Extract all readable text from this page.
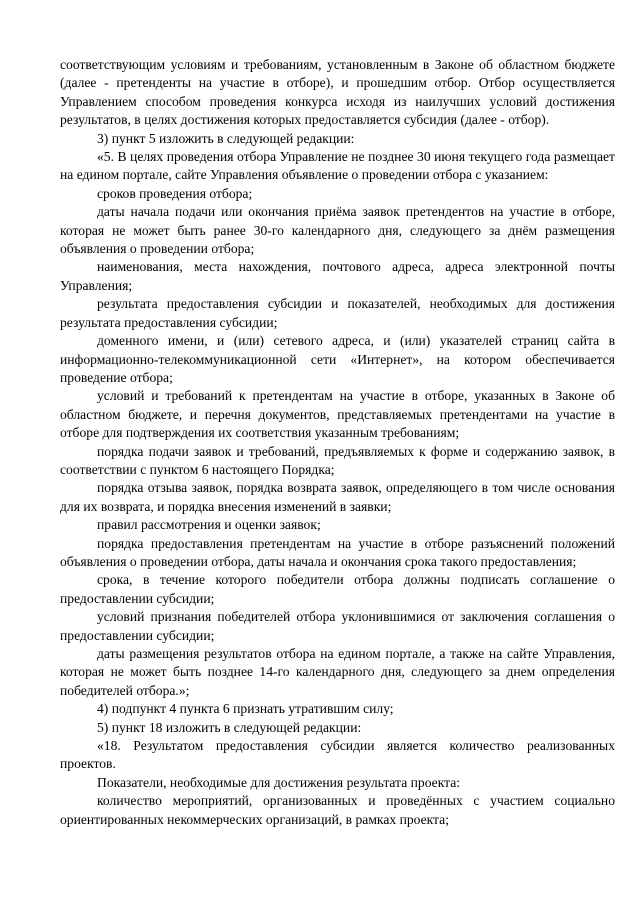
соответствующим условиям и требованиям, установленным в Законе об областном бюджете (далее - претенденты на участие в отборе), и прошедшим отбор. Отбор осуществляется Управлением способом проведения конкурса исходя из наилучших условий достижения результатов, в целях достижения которых предоставляется субсидия (далее - отбор).

3) пункт 5 изложить в следующей редакции:

«5. В целях проведения отбора Управление не позднее 30 июня текущего года размещает на едином портале, сайте Управления объявление о проведении отбора с указанием:

сроков проведения отбора;

даты начала подачи или окончания приёма заявок претендентов на участие в отборе, которая не может быть ранее 30-го календарного дня, следующего за днём размещения объявления о проведении отбора;

наименования, места нахождения, почтового адреса, адреса электронной почты Управления;

результата предоставления субсидии и показателей, необходимых для достижения результата предоставления субсидии;

доменного имени, и (или) сетевого адреса, и (или) указателей страниц сайта в информационно-телекоммуникационной сети «Интернет», на котором обеспечивается проведение отбора;

условий и требований к претендентам на участие в отборе, указанных в Законе об областном бюджете, и перечня документов, представляемых претендентами на участие в отборе для подтверждения их соответствия указанным требованиям;

порядка подачи заявок и требований, предъявляемых к форме и содержанию заявок, в соответствии с пунктом 6 настоящего Порядка;

порядка отзыва заявок, порядка возврата заявок, определяющего в том числе основания для их возврата, и порядка внесения изменений в заявки;

правил рассмотрения и оценки заявок;

порядка предоставления претендентам на участие в отборе разъяснений положений объявления о проведении отбора, даты начала и окончания срока такого предоставления;

срока, в течение которого победители отбора должны подписать соглашение о предоставлении субсидии;

условий признания победителей отбора уклонившимися от заключения соглашения о предоставлении субсидии;

даты размещения результатов отбора на едином портале, а также на сайте Управления, которая не может быть позднее 14-го календарного дня, следующего за днем определения победителей отбора.»;

4) подпункт 4 пункта 6 признать утратившим силу;

5) пункт 18 изложить в следующей редакции:

«18. Результатом предоставления субсидии является количество реализованных проектов.

Показатели, необходимые для достижения результата проекта:

количество мероприятий, организованных и проведённых с участием социально ориентированных некоммерческих организаций, в рамках проекта;
